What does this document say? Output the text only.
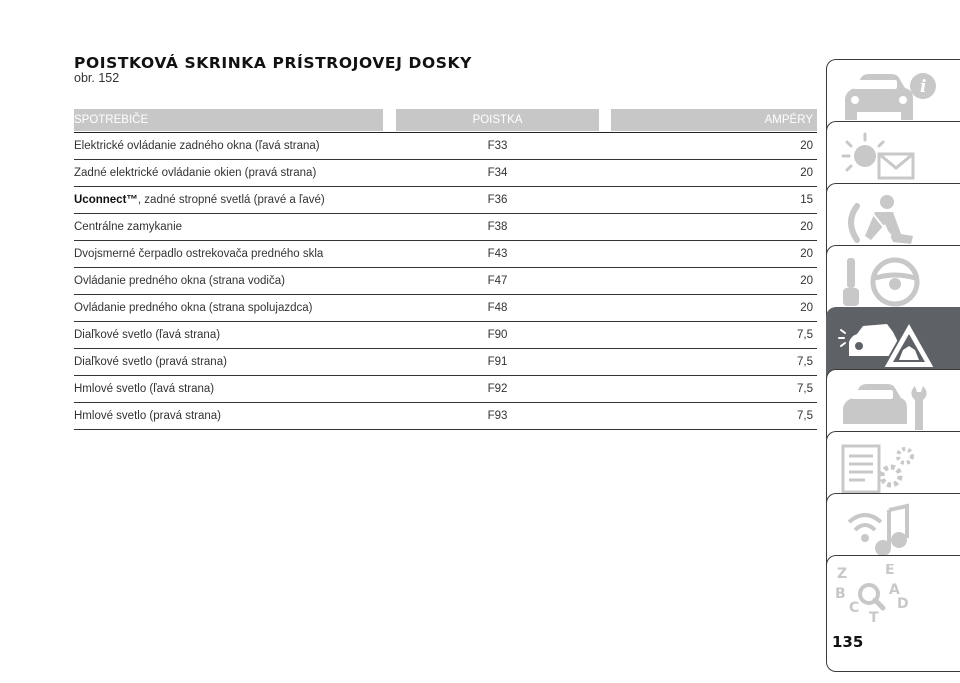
POISTKOVÁ SKRINKA PRÍSTROJOVEJ DOSKY
obr. 152
SPOTREBIČE	POISTKA	AMPÉRY
Elektrické ovládanie zadného okna (ľavá strana)	F33	20
Zadné elektrické ovládanie okien (pravá strana)	F34	20
Uconnect™ , zadné stropné svetlá (pravé a ľavé)	F36	15
Centrálne zamykanie	F38	20
Dvojsmerné čerpadlo ostrekovača predného skla	F43	20
Ovládanie predného okna (strana vodiča)	F47	20
Ovládanie predného okna (strana spolujazdca)	F48	20
Diaľkové svetlo (ľavá strana)	F90	7,5
Diaľkové svetlo (pravá strana)	F91	7,5
Hmlové svetlo (ľavá strana)	F92	7,5
Hmlové svetlo (pravá strana)	F93	7,5
i
Z	E
B	A
C	D
T
135
